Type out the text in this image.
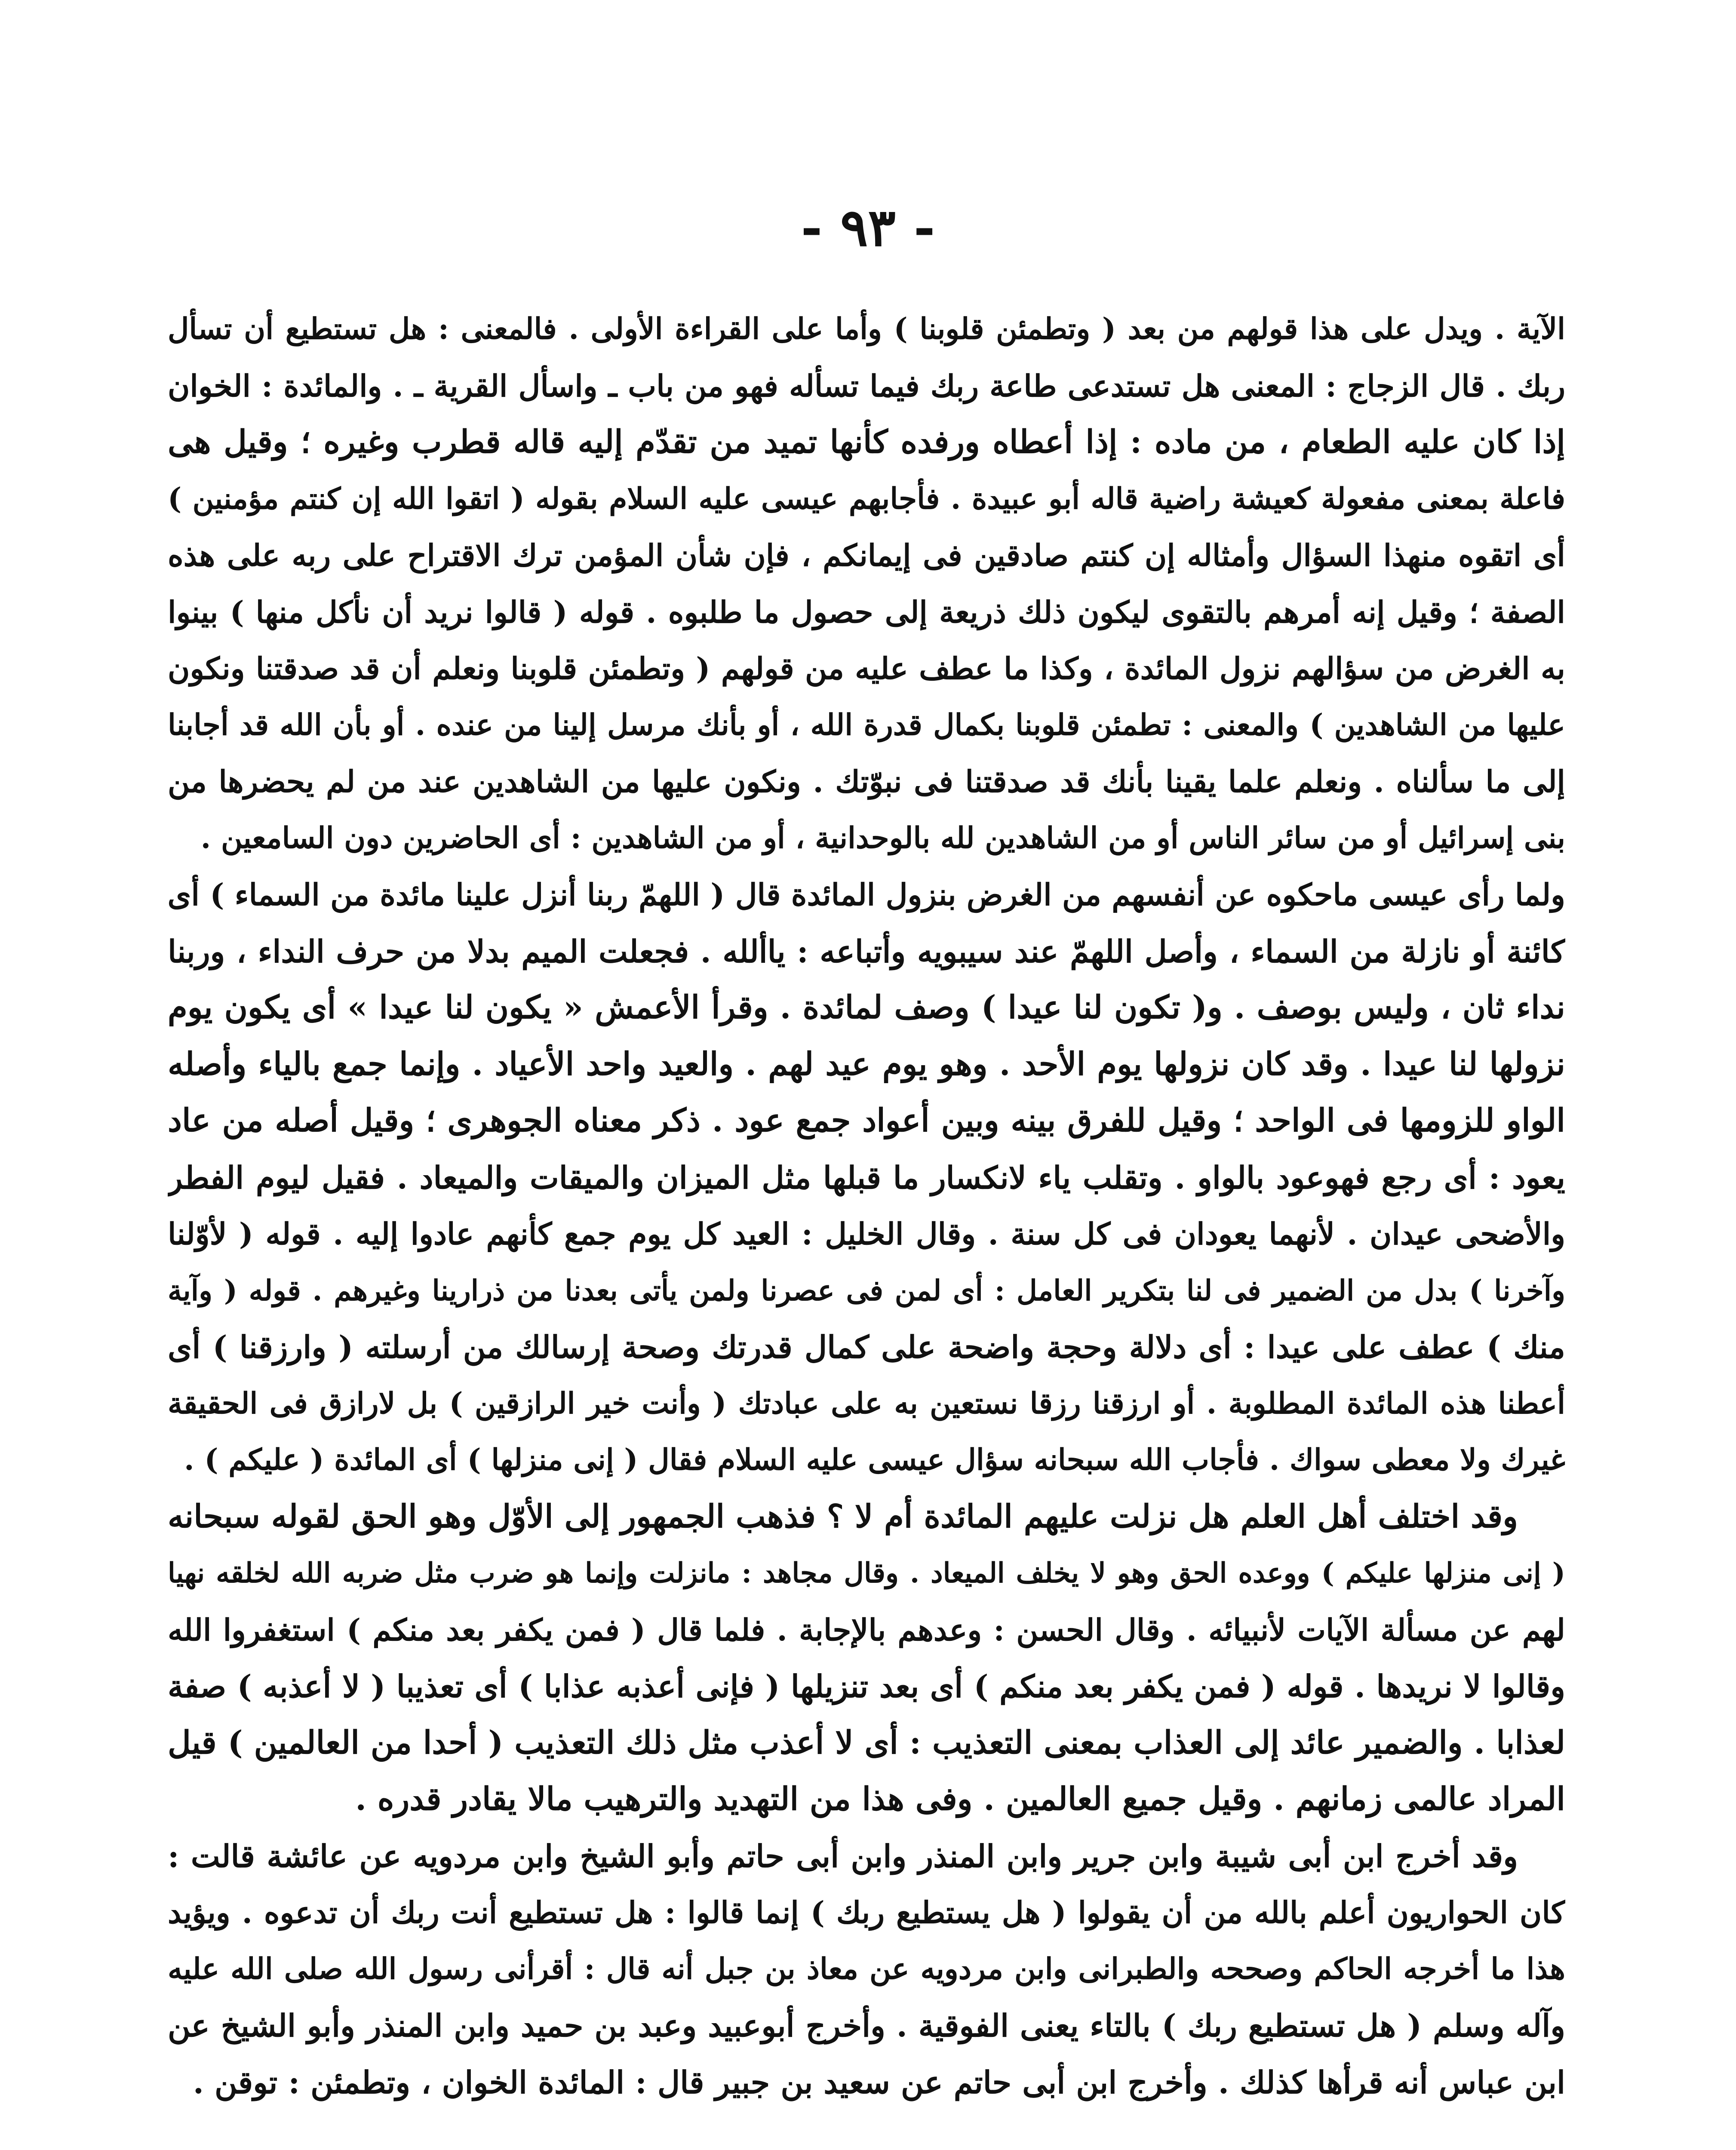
- ٩٣ -
الآية . ويدل على هذا قولهم من بعد ( وتطمئن قلوبنا ) وأما على القراءة الأولى . فالمعنى : هل تستطيع أن تسأل
ربك . قال الزجاج : المعنى هل تستدعى طاعة ربك فيما تسأله فهو من باب ـ واسأل القرية ـ . والمائدة : الخوان
إذا كان عليه الطعام ، من ماده : إذا أعطاه ورفده كأنها تميد من تقدّم إليه قاله قطرب وغيره ؛ وقيل هى
فاعلة بمعنى مفعولة كعيشة راضية قاله أبو عبيدة . فأجابهم عيسى عليه السلام بقوله ( اتقوا الله إن كنتم مؤمنين )
أى اتقوه منهذا السؤال وأمثاله إن كنتم صادقين فى إيمانكم ، فإن شأن المؤمن ترك الاقتراح على ربه على هذه
الصفة ؛ وقيل إنه أمرهم بالتقوى ليكون ذلك ذريعة إلى حصول ما طلبوه . قوله ( قالوا نريد أن نأكل منها ) بينوا
به الغرض من سؤالهم نزول المائدة ، وكذا ما عطف عليه من قولهم ( وتطمئن قلوبنا ونعلم أن قد صدقتنا ونكون
عليها من الشاهدين ) والمعنى : تطمئن قلوبنا بكمال قدرة الله ، أو بأنك مرسل إلينا من عنده . أو بأن الله قد أجابنا
إلى ما سألناه . ونعلم علما يقينا بأنك قد صدقتنا فى نبوّتك . ونكون عليها من الشاهدين عند من لم يحضرها من
بنى إسرائيل أو من سائر الناس أو من الشاهدين لله بالوحدانية ، أو من الشاهدين : أى الحاضرين دون السامعين .
ولما رأى عيسى ماحكوه عن أنفسهم من الغرض بنزول المائدة قال ( اللهمّ ربنا أنزل علينا مائدة من السماء ) أى
كائنة أو نازلة من السماء ، وأصل اللهمّ عند سيبويه وأتباعه : ياألله . فجعلت الميم بدلا من حرف النداء ، وربنا
نداء ثان ، وليس بوصف . و( تكون لنا عيدا ) وصف لمائدة . وقرأ الأعمش « يكون لنا عيدا » أى يكون يوم
نزولها لنا عيدا . وقد كان نزولها يوم الأحد . وهو يوم عيد لهم . والعيد واحد الأعياد . وإنما جمع بالياء وأصله
الواو للزومها فى الواحد ؛ وقيل للفرق بينه وبين أعواد جمع عود . ذكر معناه الجوهرى ؛ وقيل أصله من عاد
يعود : أى رجع فهوعود بالواو . وتقلب ياء لانكسار ما قبلها مثل الميزان والميقات والميعاد . فقيل ليوم الفطر
والأضحى عيدان . لأنهما يعودان فى كل سنة . وقال الخليل : العيد كل يوم جمع كأنهم عادوا إليه . قوله ( لأوّلنا
وآخرنا ) بدل من الضمير فى لنا بتكرير العامل : أى لمن فى عصرنا ولمن يأتى بعدنا من ذرارينا وغيرهم . قوله ( وآية
منك ) عطف على عيدا : أى دلالة وحجة واضحة على كمال قدرتك وصحة إرسالك من أرسلته ( وارزقنا ) أى
أعطنا هذه المائدة المطلوبة . أو ارزقنا رزقا نستعين به على عبادتك ( وأنت خير الرازقين ) بل لارازق فى الحقيقة
غيرك ولا معطى سواك . فأجاب الله سبحانه سؤال عيسى عليه السلام فقال ( إنى منزلها ) أى المائدة ( عليكم ) .
وقد اختلف أهل العلم هل نزلت عليهم المائدة أم لا ؟ فذهب الجمهور إلى الأوّل وهو الحق لقوله سبحانه
( إنى منزلها عليكم ) ووعده الحق وهو لا يخلف الميعاد . وقال مجاهد : مانزلت وإنما هو ضرب مثل ضربه الله لخلقه نهيا
لهم عن مسألة الآيات لأنبيائه . وقال الحسن : وعدهم بالإجابة . فلما قال ( فمن يكفر بعد منكم ) استغفروا الله
وقالوا لا نريدها . قوله ( فمن يكفر بعد منكم ) أى بعد تنزيلها ( فإنى أعذبه عذابا ) أى تعذيبا ( لا أعذبه ) صفة
لعذابا . والضمير عائد إلى العذاب بمعنى التعذيب : أى لا أعذب مثل ذلك التعذيب ( أحدا من العالمين ) قيل
المراد عالمى زمانهم . وقيل جميع العالمين . وفى هذا من التهديد والترهيب مالا يقادر قدره .
وقد أخرج ابن أبى شيبة وابن جرير وابن المنذر وابن أبى حاتم وأبو الشيخ وابن مردويه عن عائشة قالت :
كان الحواريون أعلم بالله من أن يقولوا ( هل يستطيع ربك ) إنما قالوا : هل تستطيع أنت ربك أن تدعوه . ويؤيد
هذا ما أخرجه الحاكم وصححه والطبرانى وابن مردويه عن معاذ بن جبل أنه قال : أقرأنى رسول الله صلى الله عليه
وآله وسلم ( هل تستطيع ربك ) بالتاء يعنى الفوقية . وأخرج أبوعبيد وعبد بن حميد وابن المنذر وأبو الشيخ عن
ابن عباس أنه قرأها كذلك . وأخرج ابن أبى حاتم عن سعيد بن جبير قال : المائدة الخوان ، وتطمئن : توقن .
